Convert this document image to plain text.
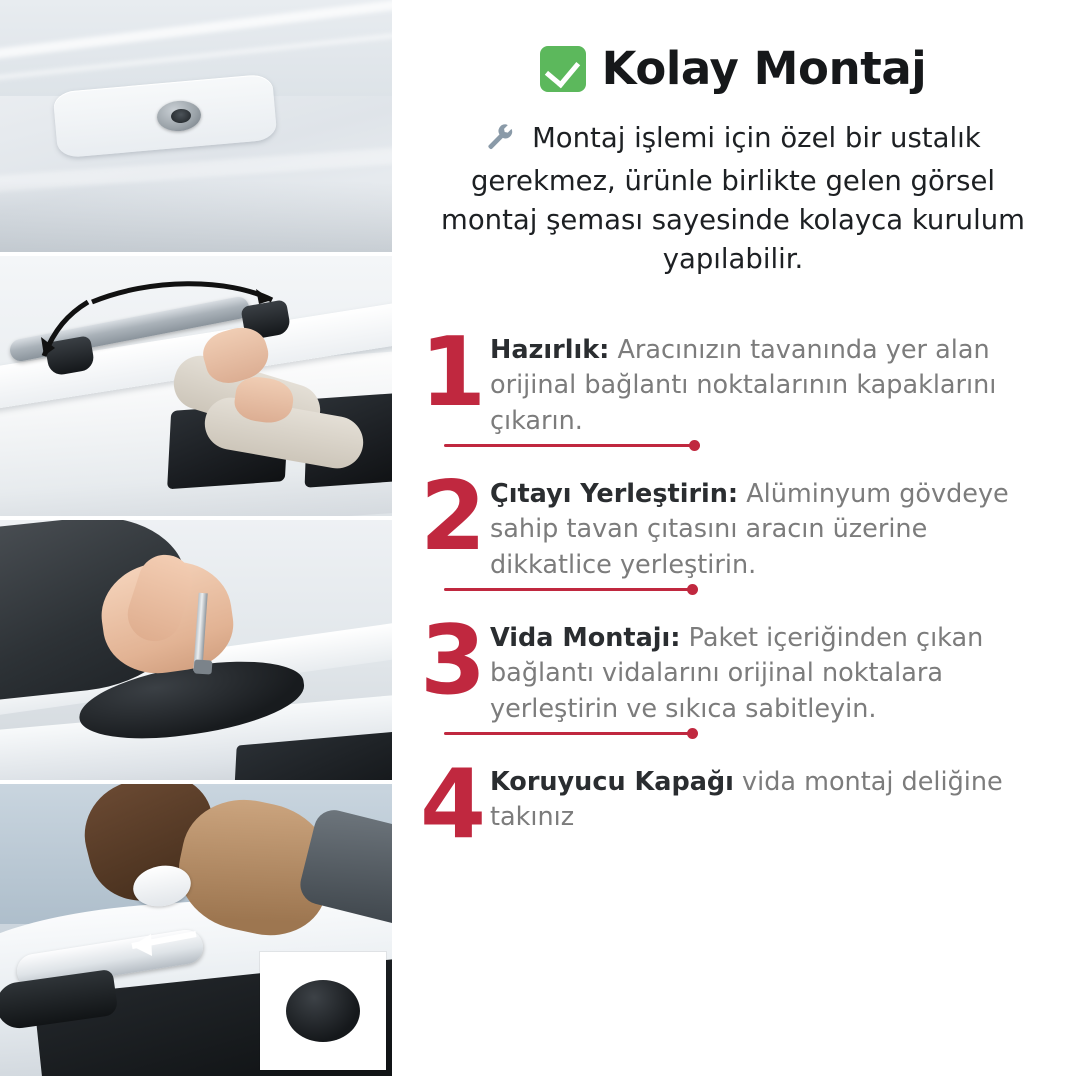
Kolay Montaj

Montaj işlemi için özel bir ustalık gerekmez, ürünle birlikte gelen görsel montaj şeması sayesinde kolayca kurulum yapılabilir.

1 Hazırlık: Aracınızın tavanında yer alan orijinal bağlantı noktalarının kapaklarını çıkarın.
2 Çıtayı Yerleştirin: Alüminyum gövdeye sahip tavan çıtasını aracın üzerine dikkatlice yerleştirin.
3 Vida Montajı: Paket içeriğinden çıkan bağlantı vidalarını orijinal noktalara yerleştirin ve sıkıca sabitleyin.
4 Koruyucu Kapağı vida montaj deliğine takınız
